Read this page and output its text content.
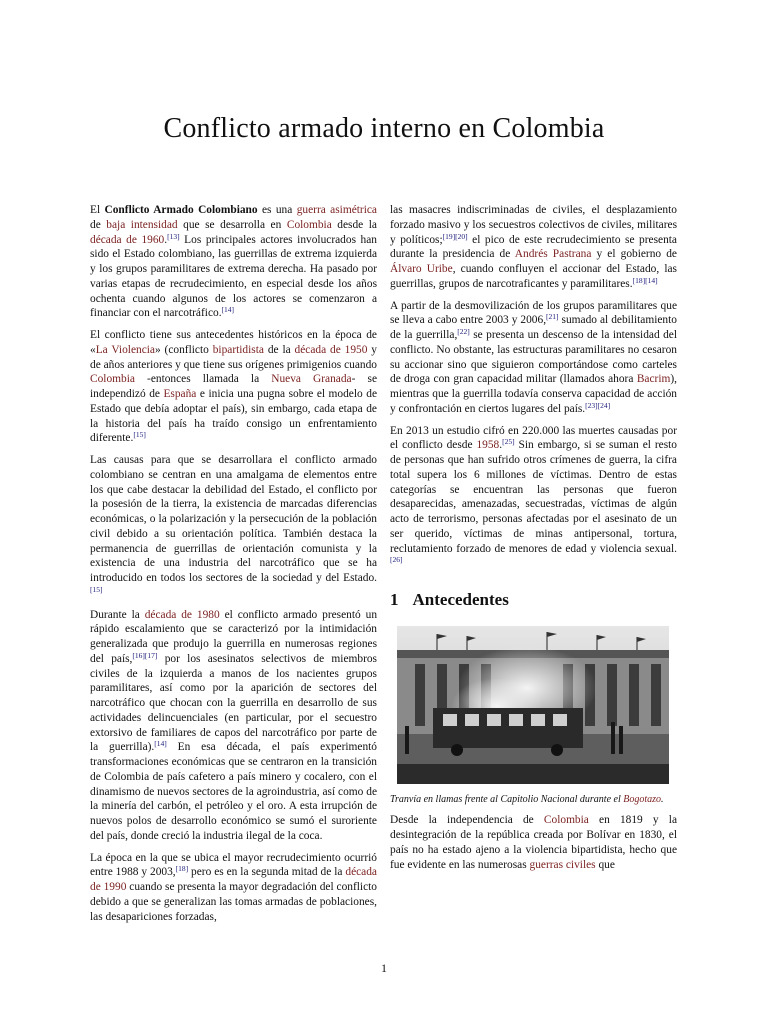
Conflicto armado interno en Colombia

El Conflicto Armado Colombiano es una guerra asimétrica de baja intensidad que se desarrolla en Colombia desde la década de 1960.[13] Los principales actores involucrados han sido el Estado colombiano, las guerrillas de extrema izquierda y los grupos paramilitares de extrema derecha. Ha pasado por varias etapas de recrudecimiento, en especial desde los años ochenta cuando algunos de los actores se comenzaron a financiar con el narcotráfico.[14]

El conflicto tiene sus antecedentes históricos en la época de «La Violencia» (conflicto bipartidista de la década de 1950 y de años anteriores y que tiene sus orígenes primigenios cuando Colombia -entonces llamada la Nueva Granada- se independizó de España e inicia una pugna sobre el modelo de Estado que debía adoptar el país), sin embargo, cada etapa de la historia del país ha traído consigo un enfrentamiento diferente.[15]

Las causas para que se desarrollara el conflicto armado colombiano se centran en una amalgama de elementos entre los que cabe destacar la debilidad del Estado, el conflicto por la posesión de la tierra, la existencia de marcadas diferencias económicas, o la polarización y la persecución de la población civil debido a su orientación política. También destaca la permanencia de guerrillas de orientación comunista y la existencia de una industria del narcotráfico que se ha introducido en todos los sectores de la sociedad y del Estado.[15]

Durante la década de 1980 el conflicto armado presentó un rápido escalamiento que se caracterizó por la intimidación generalizada que produjo la guerrilla en numerosas regiones del país,[16][17] por los asesinatos selectivos de miembros civiles de la izquierda a manos de los nacientes grupos paramilitares, así como por la aparición de sectores del narcotráfico que chocan con la guerrilla en desarrollo de sus actividades delincuenciales (en particular, por el secuestro extorsivo de familiares de capos del narcotráfico por parte de la guerrilla).[14] En esa década, el país experimentó transformaciones económicas que se centraron en la transición de Colombia de país cafetero a país minero y cocalero, con el dinamismo de nuevos sectores de la agroindustria, así como de la minería del carbón, el petróleo y el oro. A esta irrupción de nuevos polos de desarrollo económico se sumó el suroriente del país, donde creció la industria ilegal de la coca.

La época en la que se ubica el mayor recrudecimiento ocurrió entre 1988 y 2003,[18] pero es en la segunda mitad de la década de 1990 cuando se presenta la mayor degradación del conflicto debido a que se generalizan las tomas armadas de poblaciones, las desapariciones forzadas,

las masacres indiscriminadas de civiles, el desplazamiento forzado masivo y los secuestros colectivos de civiles, militares y políticos;[19][20] el pico de este recrudecimiento se presenta durante la presidencia de Andrés Pastrana y el gobierno de Álvaro Uribe, cuando confluyen el accionar del Estado, las guerrillas, grupos de narcotraficantes y paramilitares.[18][14]

A partir de la desmovilización de los grupos paramilitares que se lleva a cabo entre 2003 y 2006,[21] sumado al debilitamiento de la guerrilla,[22] se presenta un descenso de la intensidad del conflicto. No obstante, las estructuras paramilitares no cesaron su accionar sino que siguieron comportándose como carteles de droga con gran capacidad militar (llamados ahora Bacrim), mientras que la guerrilla todavía conserva capacidad de acción y confrontación en ciertos lugares del país.[23][24]

En 2013 un estudio cifró en 220.000 las muertes causadas por el conflicto desde 1958.[25] Sin embargo, si se suman el resto de personas que han sufrido otros crímenes de guerra, la cifra total supera los 6 millones de víctimas. Dentro de estas categorías se encuentran las personas que fueron desaparecidas, amenazadas, secuestradas, víctimas de algún acto de terrorismo, personas afectadas por el asesinato de un ser querido, víctimas de minas antipersonal, tortura, reclutamiento forzado de menores de edad y violencia sexual.[26]

1 Antecedentes

Tranvía en llamas frente al Capitolio Nacional durante el Bogotazo.

Desde la independencia de Colombia en 1819 y la desintegración de la república creada por Bolívar en 1830, el país no ha estado ajeno a la violencia bipartidista, hecho que fue evidente en las numerosas guerras civiles que

1
